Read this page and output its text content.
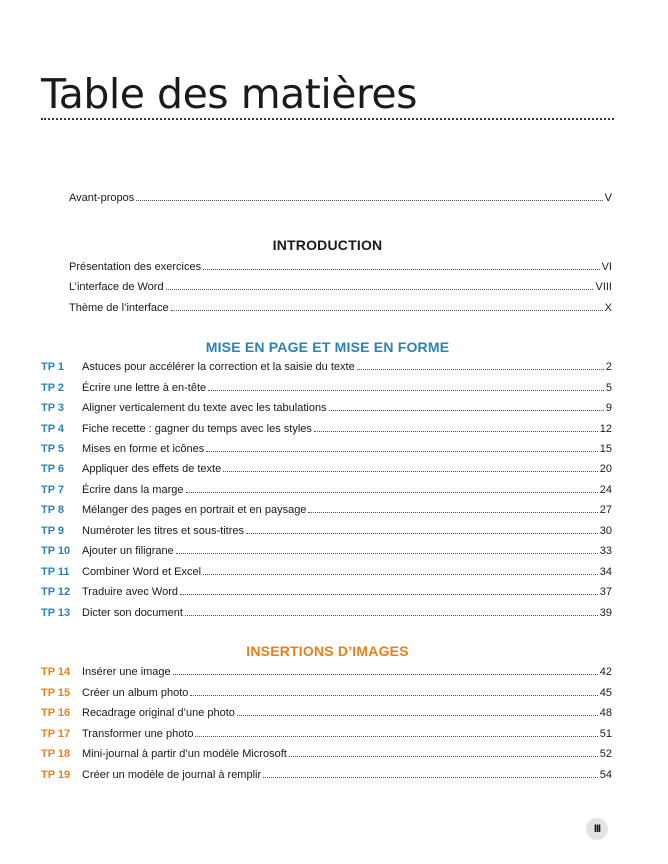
Table des matières
Avant-propos	V
INTRODUCTION
Présentation des exercices	VI
L’interface de Word	VIII
Thème de l’interface	X
MISE EN PAGE ET MISE EN FORME
TP 1	Astuces pour accélérer la correction et la saisie du texte	2
TP 2	Écrire une lettre à en-tête	5
TP 3	Aligner verticalement du texte avec les tabulations	9
TP 4	Fiche recette : gagner du temps avec les styles	12
TP 5	Mises en forme et icônes	15
TP 6	Appliquer des effets de texte	20
TP 7	Écrire dans la marge	24
TP 8	Mélanger des pages en portrait et en paysage	27
TP 9	Numéroter les titres et sous-titres	30
TP 10	Ajouter un filigrane	33
TP 11	Combiner Word et Excel	34
TP 12	Traduire avec Word	37
TP 13	Dicter son document	39
INSERTIONS D’IMAGES
TP 14	Insérer une image	42
TP 15	Créer un album photo	45
TP 16	Recadrage original d’une photo	48
TP 17	Transformer une photo	51
TP 18	Mini-journal à partir d’un modèle Microsoft	52
TP 19	Créer un modèle de journal à remplir	54
III
